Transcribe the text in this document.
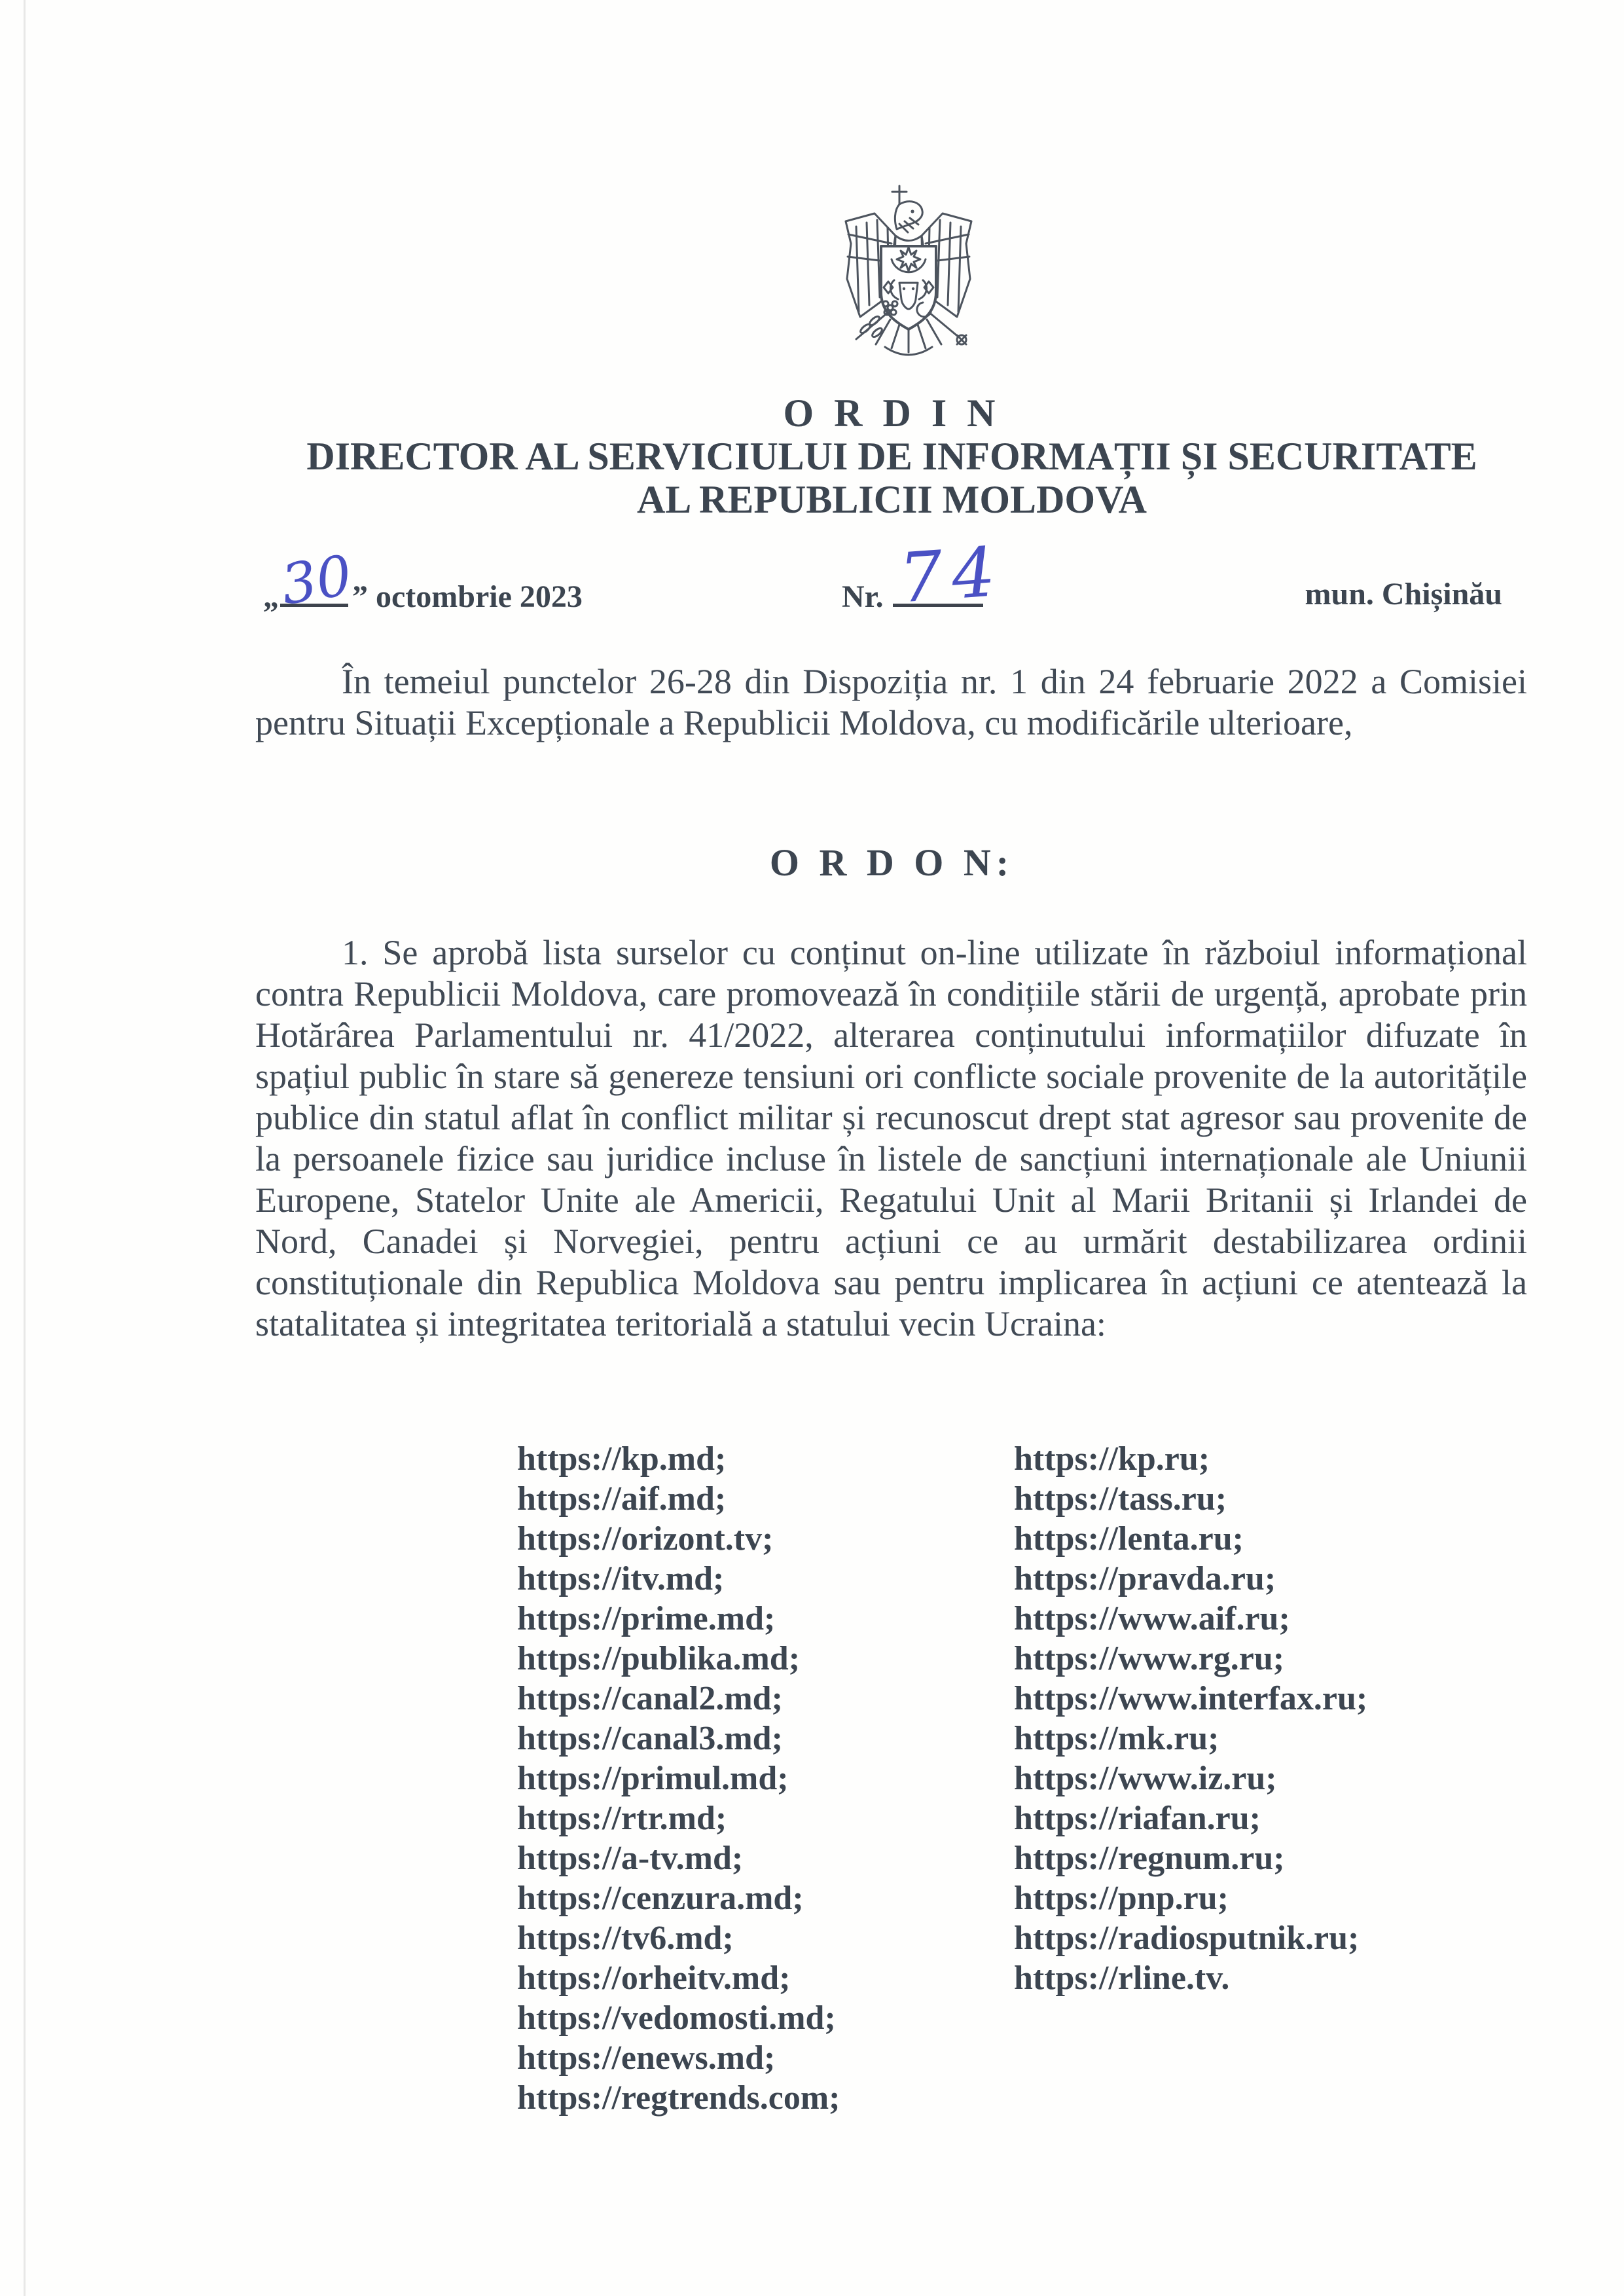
O R D I N
DIRECTOR AL SERVICIULUI DE INFORMAȚII ȘI SECURITATE
AL REPUBLICII MOLDOVA
„
30
” octombrie 2023	Nr. 74	mun. Chișinău
În temeiul punctelor 26-28 din Dispoziția nr. 1 din 24 februarie 2022 a Comisiei pentru Situații Excepționale a Republicii Moldova, cu modificările ulterioare,
O R D O N:
1. Se aprobă lista surselor cu conținut on-line utilizate în războiul informațional contra Republicii Moldova, care promovează în condițiile stării de urgență, aprobate prin Hotărârea Parlamentului nr. 41/2022, alterarea conținutului informațiilor difuzate în spațiul public în stare să genereze tensiuni ori conflicte sociale provenite de la autoritățile publice din statul aflat în conflict militar și recunoscut drept stat agresor sau provenite de la persoanele fizice sau juridice incluse în listele de sancțiuni internaționale ale Uniunii Europene, Statelor Unite ale Americii, Regatului Unit al Marii Britanii și Irlandei de Nord, Canadei și Norvegiei, pentru acțiuni ce au urmărit destabilizarea ordinii constituționale din Republica Moldova sau pentru implicarea în acțiuni ce atentează la statalitatea și integritatea teritorială a statului vecin Ucraina:
https://kp.md;
https://aif.md;
https://orizont.tv;
https://itv.md;
https://prime.md;
https://publika.md;
https://canal2.md;
https://canal3.md;
https://primul.md;
https://rtr.md;
https://a-tv.md;
https://cenzura.md;
https://tv6.md;
https://orheitv.md;
https://vedomosti.md;
https://enews.md;
https://regtrends.com;
https://kp.ru;
https://tass.ru;
https://lenta.ru;
https://pravda.ru;
https://www.aif.ru;
https://www.rg.ru;
https://www.interfax.ru;
https://mk.ru;
https://www.iz.ru;
https://riafan.ru;
https://regnum.ru;
https://pnp.ru;
https://radiosputnik.ru;
https://rline.tv.
